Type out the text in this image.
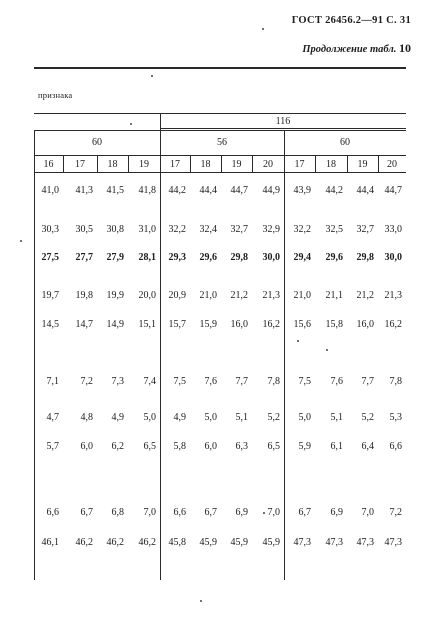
ГОСТ 26456.2—91 С. 31
Продолжение табл. 10
признака
116
60	56	60
16	17	18	19	17	18	19	20	17	18	19	20
41,0	41,3	41,5	41,8	44,2	44,4	44,7	44,9	43,9	44,2	44,4	44,7
30,3	30,5	30,8	31,0	32,2	32,4	32,7	32,9	32,2	32,5	32,7	33,0
27,5	27,7	27,9	28,1	29,3	29,6	29,8	30,0	29,4	29,6	29,8	30,0
19,7	19,8	19,9	20,0	20,9	21,0	21,2	21,3	21,0	21,1	21,2	21,3
14,5	14,7	14,9	15,1	15,7	15,9	16,0	16,2	15,6	15,8	16,0	16,2
7,1	7,2	7,3	7,4	7,5	7,6	7,7	7,8	7,5	7,6	7,7	7,8
4,7	4,8	4,9	5,0	4,9	5,0	5,1	5,2	5,0	5,1	5,2	5,3
5,7	6,0	6,2	6,5	5,8	6,0	6,3	6,5	5,9	6,1	6,4	6,6
6,6	6,7	6,8	7,0	6,6	6,7	6,9	7,0	6,7	6,9	7,0	7,2
46,1	46,2	46,2	46,2	45,8	45,9	45,9	45,9	47,3	47,3	47,3	47,3
